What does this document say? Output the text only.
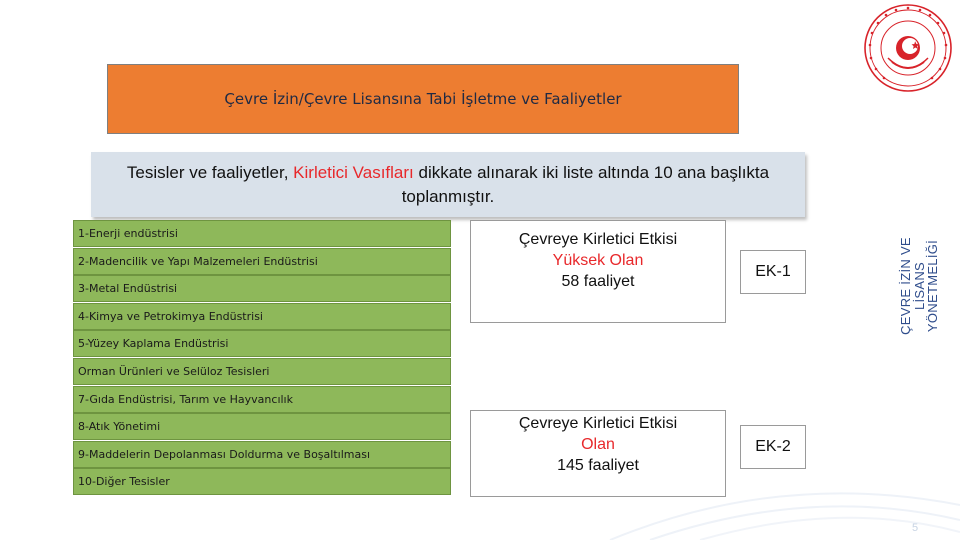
Çevre İzin/Çevre Lisansına Tabi İşletme ve Faaliyetler
Tesisler ve faaliyetler, Kirletici Vasıfları dikkate alınarak iki liste altında 10 ana başlıkta toplanmıştır.
1-Enerji endüstrisi
2-Madencilik ve Yapı Malzemeleri Endüstrisi
3-Metal Endüstrisi
4-Kimya ve Petrokimya Endüstrisi
5-Yüzey Kaplama Endüstrisi
Orman Ürünleri ve Selüloz Tesisleri
7-Gıda Endüstrisi, Tarım ve Hayvancılık
8-Atık Yönetimi
9-Maddelerin Depolanması Doldurma ve Boşaltılması
10-Diğer Tesisler
Çevreye Kirletici Etkisi
Yüksek Olan
58 faaliyet
Çevreye Kirletici Etkisi
Olan
145 faaliyet
EK-1
EK-2
ÇEVRE İZİN VE
LİSANS
YÖNETMELİĞİ
5
